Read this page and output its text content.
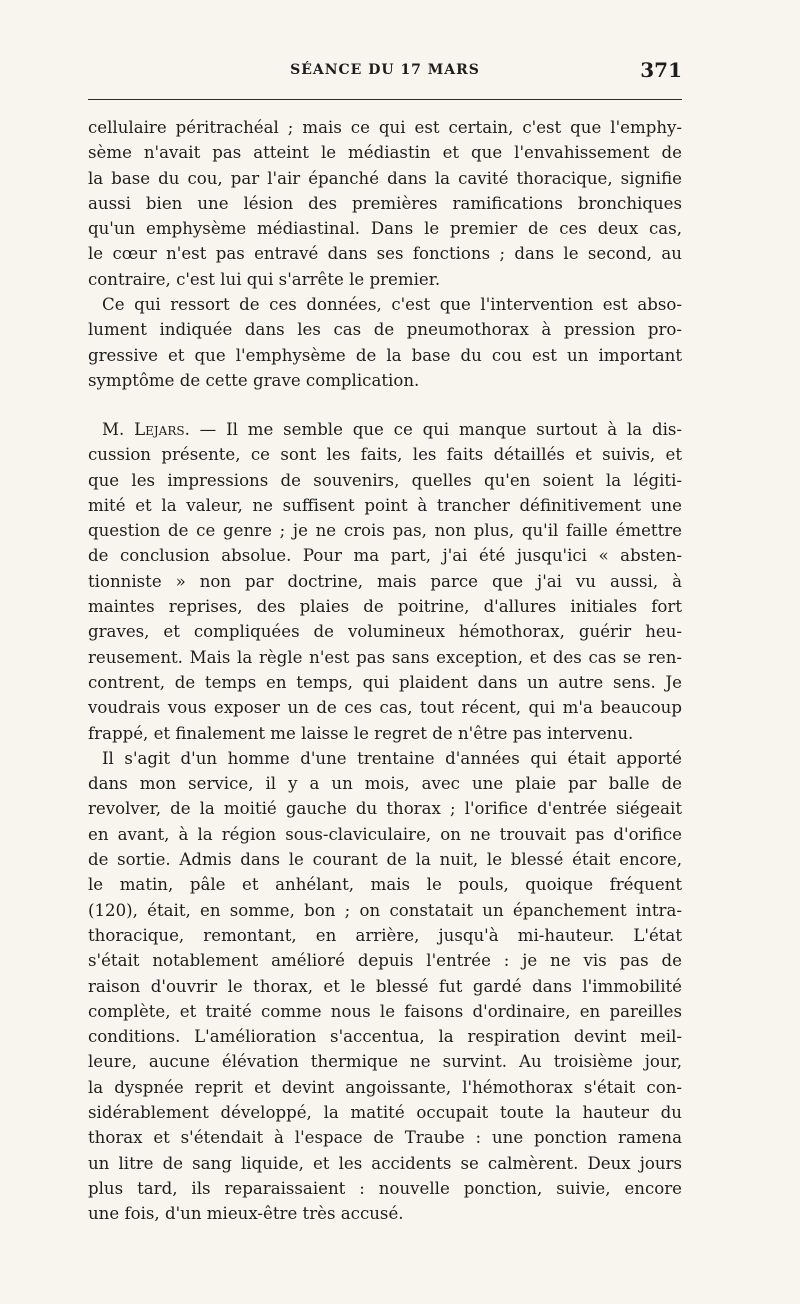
SÉANCE DU 17 MARS	371
cellulaire péritrachéal ; mais ce qui est certain, c'est que l'emphy-
sème n'avait pas atteint le médiastin et que l'envahissement de
la base du cou, par l'air épanché dans la cavité thoracique, signifie
aussi bien une lésion des premières ramifications bronchiques
qu'un emphysème médiastinal. Dans le premier de ces deux cas,
le cœur n'est pas entravé dans ses fonctions ; dans le second, au
contraire, c'est lui qui s'arrête le premier.
Ce qui ressort de ces données, c'est que l'intervention est abso-
lument indiquée dans les cas de pneumothorax à pression pro-
gressive et que l'emphysème de la base du cou est un important
symptôme de cette grave complication.
M. Lejars. — Il me semble que ce qui manque surtout à la dis-
cussion présente, ce sont les faits, les faits détaillés et suivis, et
que les impressions de souvenirs, quelles qu'en soient la légiti-
mité et la valeur, ne suffisent point à trancher définitivement une
question de ce genre ; je ne crois pas, non plus, qu'il faille émettre
de conclusion absolue. Pour ma part, j'ai été jusqu'ici « absten-
tionniste » non par doctrine, mais parce que j'ai vu aussi, à
maintes reprises, des plaies de poitrine, d'allures initiales fort
graves, et compliquées de volumineux hémothorax, guérir heu-
reusement. Mais la règle n'est pas sans exception, et des cas se ren-
contrent, de temps en temps, qui plaident dans un autre sens. Je
voudrais vous exposer un de ces cas, tout récent, qui m'a beaucoup
frappé, et finalement me laisse le regret de n'être pas intervenu.
Il s'agit d'un homme d'une trentaine d'années qui était apporté
dans mon service, il y a un mois, avec une plaie par balle de
revolver, de la moitié gauche du thorax ; l'orifice d'entrée siégeait
en avant, à la région sous-claviculaire, on ne trouvait pas d'orifice
de sortie. Admis dans le courant de la nuit, le blessé était encore,
le matin, pâle et anhélant, mais le pouls, quoique fréquent
(120), était, en somme, bon ; on constatait un épanchement intra-
thoracique, remontant, en arrière, jusqu'à mi-hauteur. L'état
s'était notablement amélioré depuis l'entrée : je ne vis pas de
raison d'ouvrir le thorax, et le blessé fut gardé dans l'immobilité
complète, et traité comme nous le faisons d'ordinaire, en pareilles
conditions. L'amélioration s'accentua, la respiration devint meil-
leure, aucune élévation thermique ne survint. Au troisième jour,
la dyspnée reprit et devint angoissante, l'hémothorax s'était con-
sidérablement développé, la matité occupait toute la hauteur du
thorax et s'étendait à l'espace de Traube : une ponction ramena
un litre de sang liquide, et les accidents se calmèrent. Deux jours
plus tard, ils reparaissaient : nouvelle ponction, suivie, encore
une fois, d'un mieux-être très accusé.
